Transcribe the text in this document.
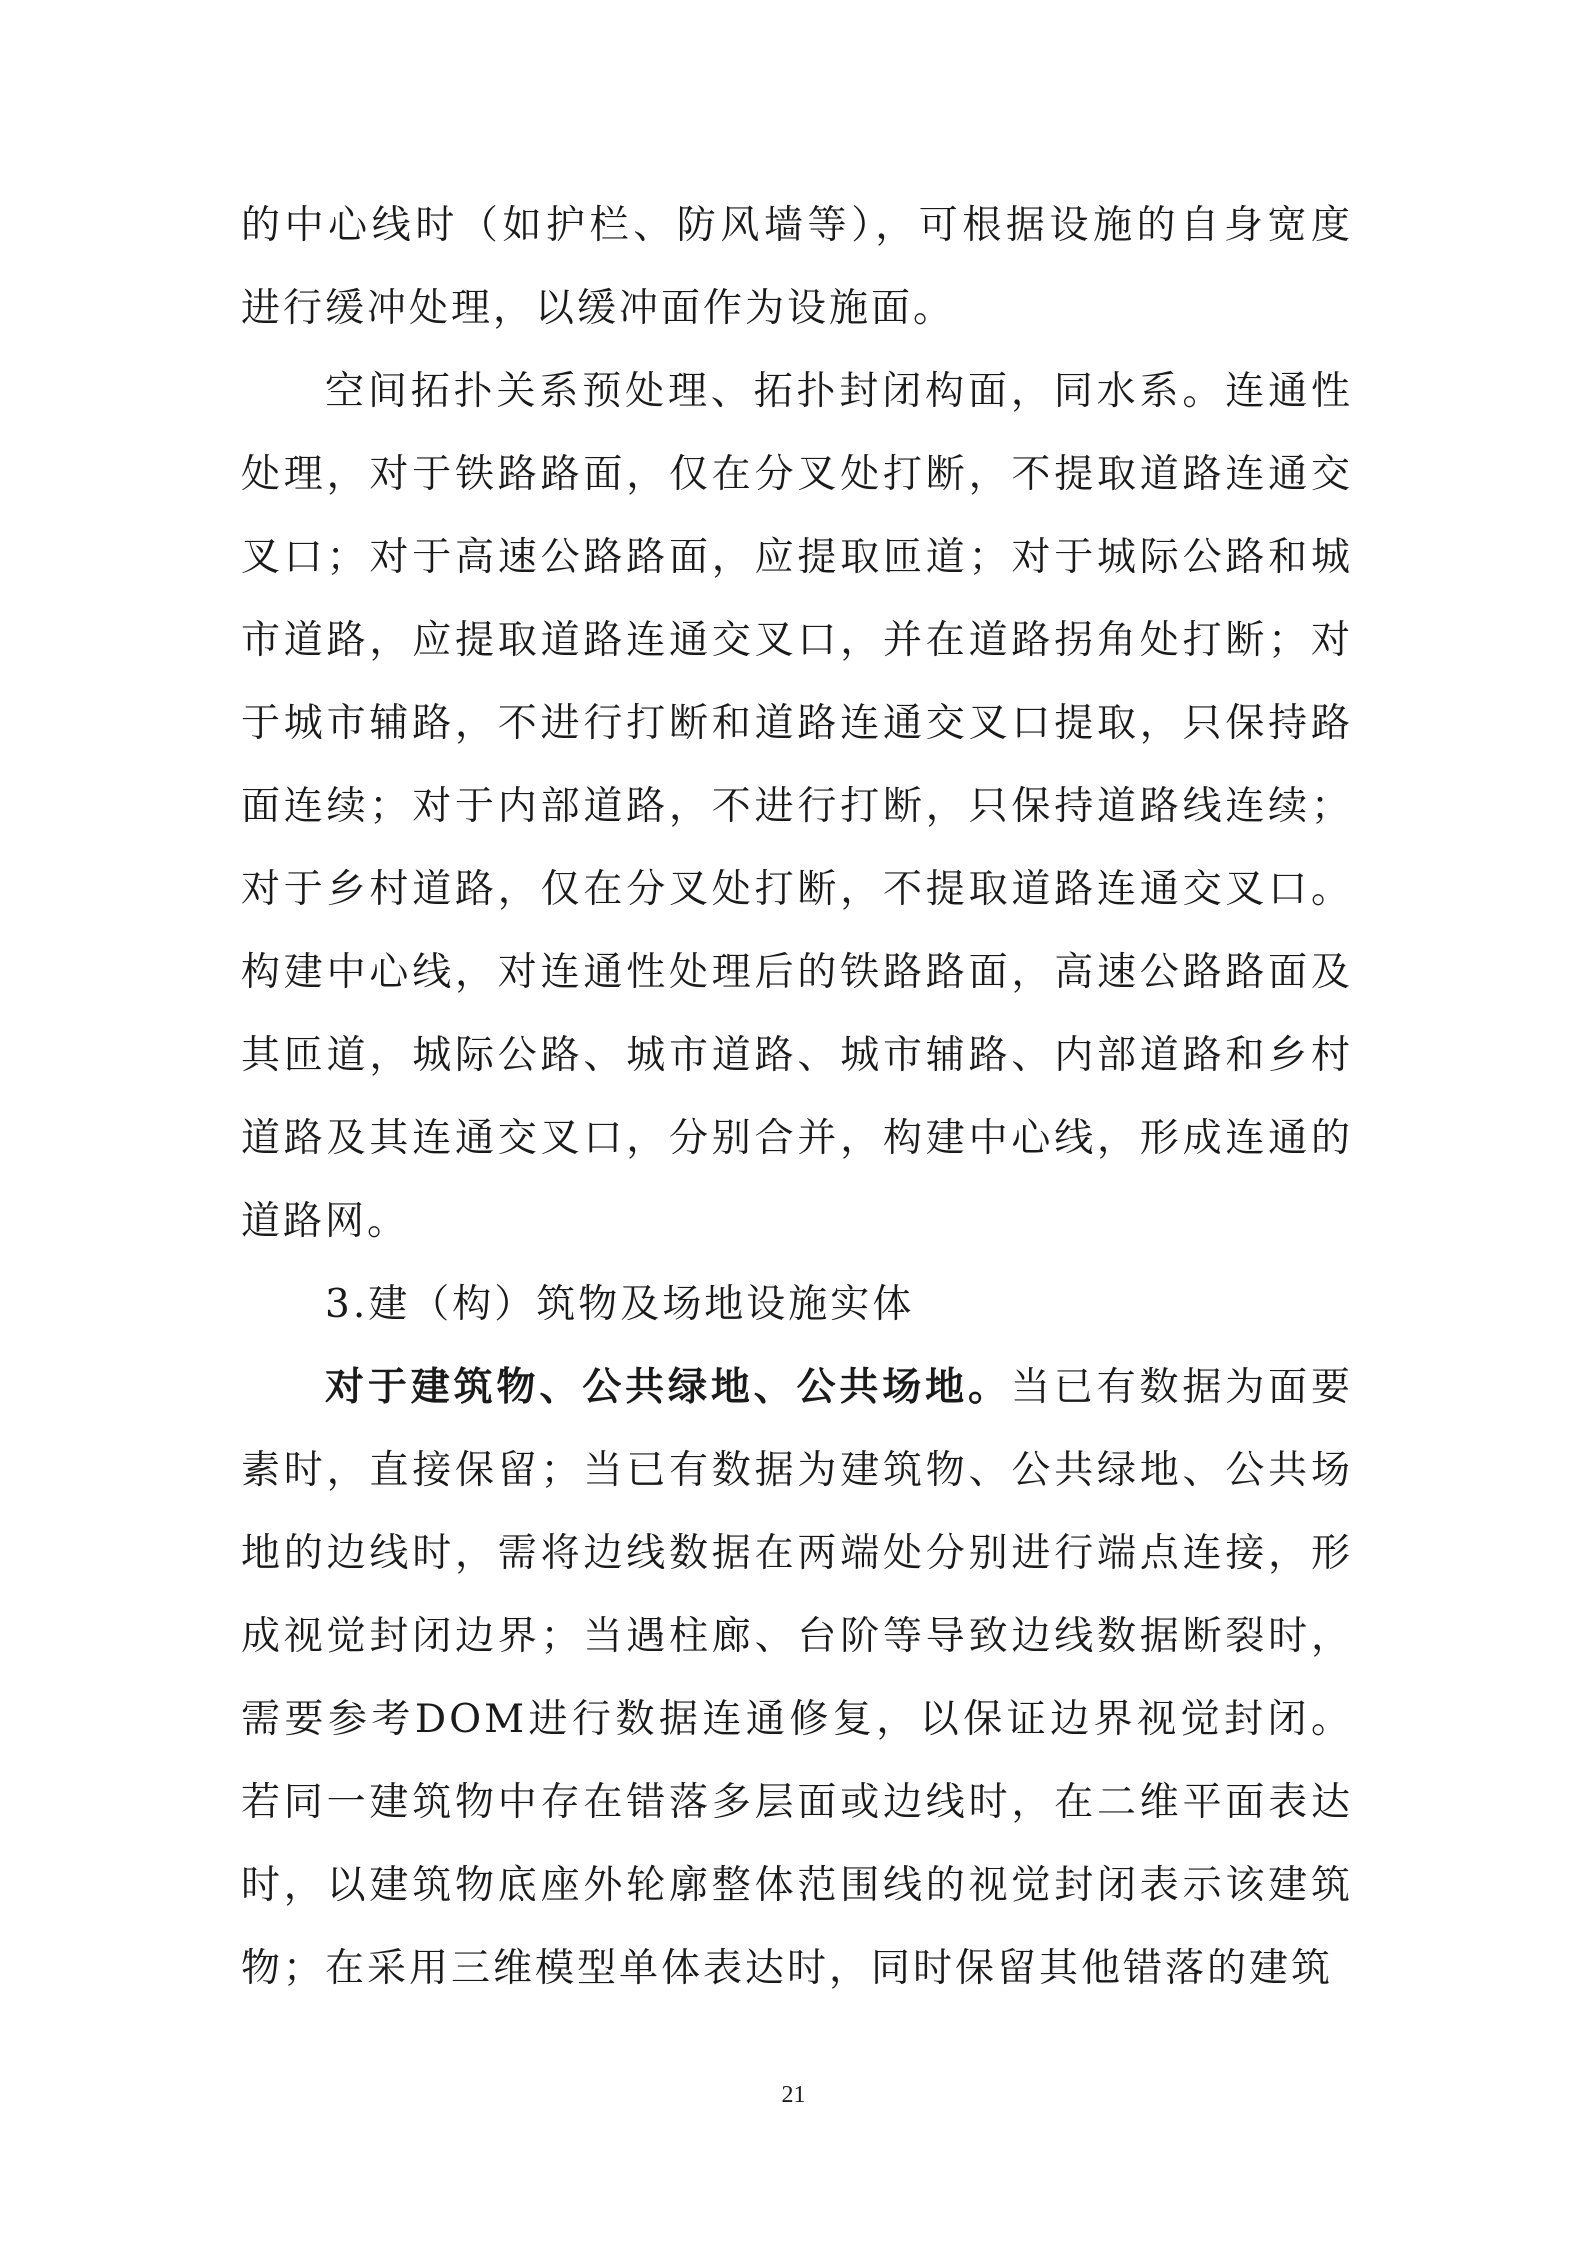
的中心线时（如护栏、防风墙等），可根据设施的自身宽度进行缓冲处理，以缓冲面作为设施面。

空间拓扑关系预处理、拓扑封闭构面，同水系。连通性处理，对于铁路路面，仅在分叉处打断，不提取道路连通交叉口；对于高速公路路面，应提取匝道；对于城际公路和城市道路，应提取道路连通交叉口，并在道路拐角处打断；对于城市辅路，不进行打断和道路连通交叉口提取，只保持路面连续；对于内部道路，不进行打断，只保持道路线连续；对于乡村道路，仅在分叉处打断，不提取道路连通交叉口。构建中心线，对连通性处理后的铁路路面，高速公路路面及其匝道，城际公路、城市道路、城市辅路、内部道路和乡村道路及其连通交叉口，分别合并，构建中心线，形成连通的道路网。

3.建（构）筑物及场地设施实体

对于建筑物、公共绿地、公共场地。当已有数据为面要素时，直接保留；当已有数据为建筑物、公共绿地、公共场地的边线时，需将边线数据在两端处分别进行端点连接，形成视觉封闭边界；当遇柱廊、台阶等导致边线数据断裂时，需要参考DOM进行数据连通修复，以保证边界视觉封闭。若同一建筑物中存在错落多层面或边线时，在二维平面表达时，以建筑物底座外轮廓整体范围线的视觉封闭表示该建筑物；在采用三维模型单体表达时，同时保留其他错落的建筑

21
